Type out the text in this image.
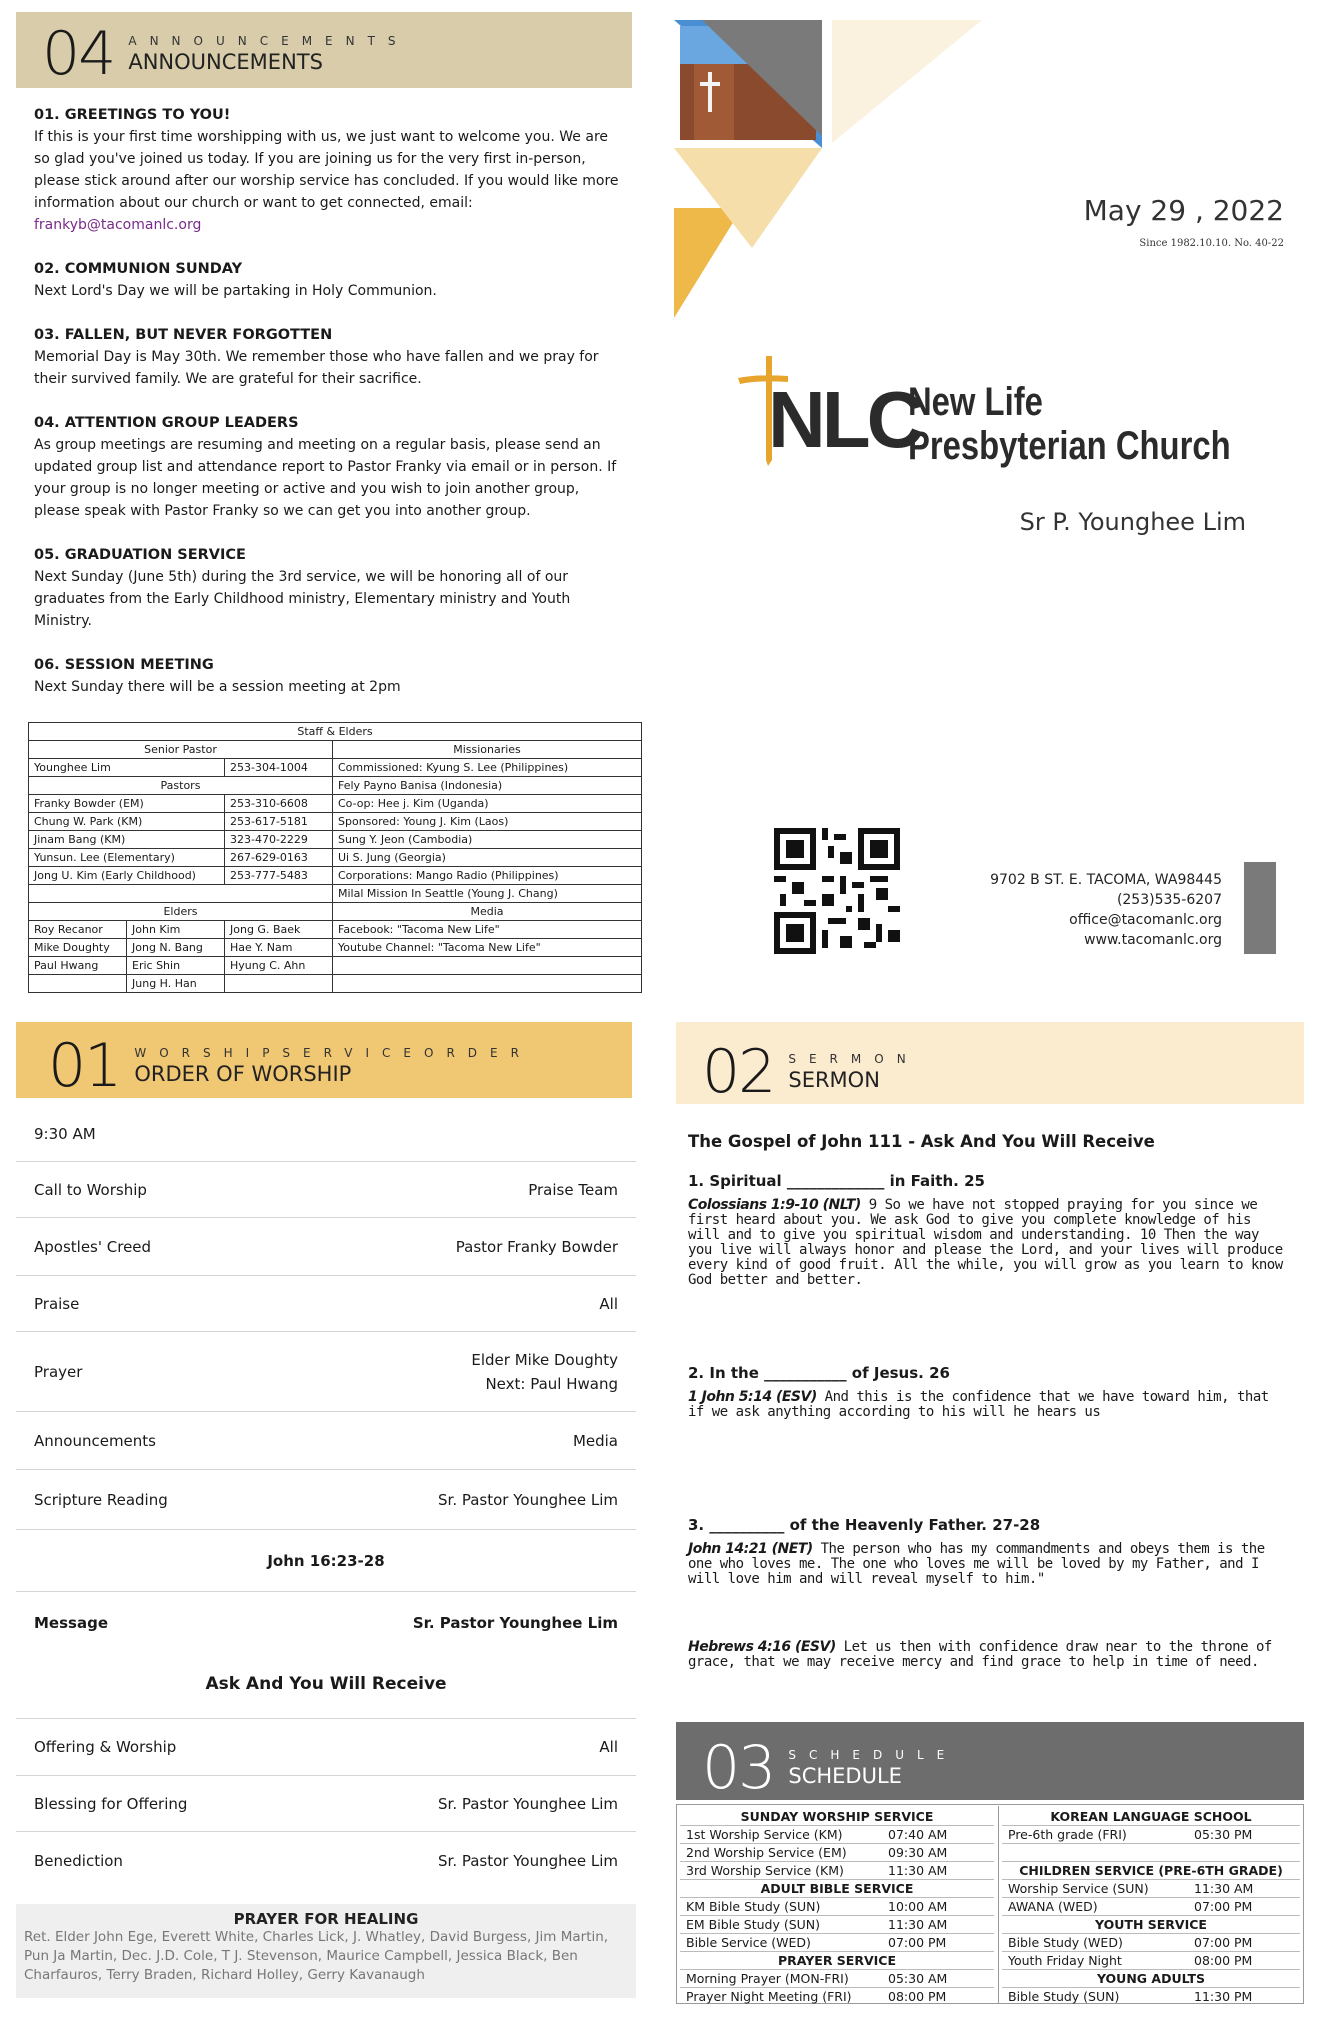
04 ANNOUNCEMENTS
ANNOUNCEMENTS
01. GREETINGS TO YOU!
If this is your first time worshipping with us, we just want to welcome you. We are so glad you've joined us today. If you are joining us for the very first in-person, please stick around after our worship service has concluded. If you would like more information about our church or want to get connected, email:
frankyb@tacomanlc.org
02. COMMUNION SUNDAY
Next Lord's Day we will be partaking in Holy Communion.
03. FALLEN, BUT NEVER FORGOTTEN
Memorial Day is May 30th. We remember those who have fallen and we pray for their survived family. We are grateful for their sacrifice.
04. ATTENTION GROUP LEADERS
As group meetings are resuming and meeting on a regular basis, please send an updated group list and attendance report to Pastor Franky via email or in person. If your group is no longer meeting or active and you wish to join another group, please speak with Pastor Franky so we can get you into another group.
05. GRADUATION SERVICE
Next Sunday (June 5th) during the 3rd service, we will be honoring all of our graduates from the Early Childhood ministry, Elementary ministry and Youth Ministry.
06. SESSION MEETING
Next Sunday there will be a session meeting at 2pm
Staff & Elders			
Senior Pastor			Missionaries
Younghee Lim		253-304-1004	Commissioned: Kyung S. Lee (Philippines)
Pastors			Fely Payno Banisa (Indonesia)
Franky Bowder (EM)		253-310-6608	Co-op: Hee j. Kim (Uganda)
Chung W. Park (KM)		253-617-5181	Sponsored: Young J. Kim (Laos)
Jinam Bang (KM)		323-470-2229	Sung Y. Jeon (Cambodia)
Yunsun. Lee (Elementary)		267-629-0163	Ui S. Jung (Georgia)
Jong U. Kim (Early Childhood)		253-777-5483	Corporations: Mango Radio (Philippines)
			Milal Mission In Seattle (Young J. Chang)
Elders			Media
Roy Recanor	John Kim	Jong G. Baek	Facebook: "Tacoma New Life"
Mike Doughty	Jong N. Bang	Hae Y. Nam	Youtube Channel: "Tacoma New Life"
Paul Hwang	Eric Shin	Hyung C. Ahn	
	Jung H. Han		
May 29 , 2022
Since 1982.10.10. No. 40-22
NLC
New Life
Presbyterian Church
Sr P. Younghee Lim
9702 B ST. E. TACOMA, WA98445
(253)535-6207
office@tacomanlc.org
www.tacomanlc.org
01 WORSHIPSERVICEORDER
ORDER OF WORSHIP
9:30 AM
Call to Worship	Praise Team
Apostles' Creed	Pastor Franky Bowder
Praise	All
Prayer
Elder Mike Doughty
Next: Paul Hwang
Announcements	Media
Scripture Reading	Sr. Pastor Younghee Lim
John 16:23-28
Message	Sr. Pastor Younghee Lim
Ask And You Will Receive
Offering & Worship	All
Blessing for Offering	Sr. Pastor Younghee Lim
Benediction	Sr. Pastor Younghee Lim
PRAYER FOR HEALING
Ret. Elder John Ege, Everett White, Charles Lick, J. Whatley, David Burgess, Jim Martin, Pun Ja Martin, Dec. J.D. Cole, T J. Stevenson, Maurice Campbell, Jessica Black, Ben Charfauros, Terry Braden, Richard Holley, Gerry Kavanaugh
02 SERMON
SERMON
The Gospel of John 111 - Ask And You Will Receive
1. Spiritual _____________ in Faith. 25
Colossians 1:9-10 (NLT) 9 So we have not stopped praying for you since we first heard about you. We ask God to give you complete knowledge of his will and to give you spiritual wisdom and understanding. 10 Then the way you live will always honor and please the Lord, and your lives will produce every kind of good fruit. All the while, you will grow as you learn to know God better and better.
2. In the ___________ of Jesus. 26
1 John 5:14 (ESV) And this is the confidence that we have toward him, that if we ask anything according to his will he hears us
3. __________ of the Heavenly Father. 27-28
John 14:21 (NET) The person who has my commandments and obeys them is the one who loves me. The one who loves me will be loved by my Father, and I will love him and will reveal myself to him."
Hebrews 4:16 (ESV) Let us then with confidence draw near to the throne of grace, that we may receive mercy and find grace to help in time of need.
03 SCHEDULE
SCHEDULE
SUNDAY WORSHIP SERVICE
1st Worship Service (KM)	07:40 AM
2nd Worship Service (EM)	09:30 AM
3rd Worship Service (KM)	11:30 AM
ADULT BIBLE SERVICE
KM Bible Study (SUN)	10:00 AM
EM Bible Study (SUN)	11:30 AM
Bible Service (WED)	07:00 PM
PRAYER SERVICE
Morning Prayer (MON-FRI)	05:30 AM
Prayer Night Meeting (FRI)	08:00 PM
KOREAN LANGUAGE SCHOOL
Pre-6th grade (FRI)	05:30 PM
CHILDREN SERVICE (PRE-6TH GRADE)
Worship Service (SUN)	11:30 AM
AWANA (WED)	07:00 PM
YOUTH SERVICE
Bible Study (WED)	07:00 PM
Youth Friday Night	08:00 PM
YOUNG ADULTS
Bible Study (SUN)	11:30 PM
